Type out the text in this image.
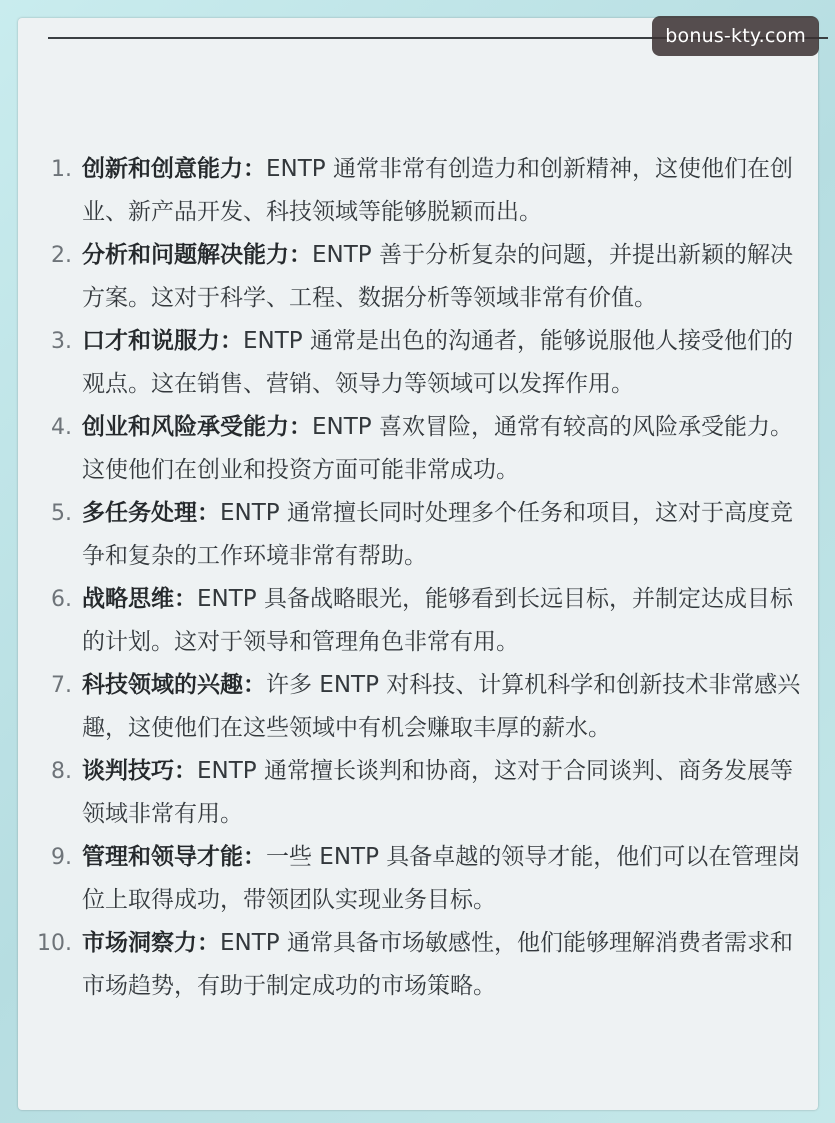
bonus-kty.com
1. 创新和创意能力：ENTP 通常非常有创造力和创新精神，这使他们在创业、新产品开发、科技领域等能够脱颖而出。
2. 分析和问题解决能力：ENTP 善于分析复杂的问题，并提出新颖的解决方案。这对于科学、工程、数据分析等领域非常有价值。
3. 口才和说服力：ENTP 通常是出色的沟通者，能够说服他人接受他们的观点。这在销售、营销、领导力等领域可以发挥作用。
4. 创业和风险承受能力：ENTP 喜欢冒险，通常有较高的风险承受能力。这使他们在创业和投资方面可能非常成功。
5. 多任务处理：ENTP 通常擅长同时处理多个任务和项目，这对于高度竞争和复杂的工作环境非常有帮助。
6. 战略思维：ENTP 具备战略眼光，能够看到长远目标，并制定达成目标的计划。这对于领导和管理角色非常有用。
7. 科技领域的兴趣：许多 ENTP 对科技、计算机科学和创新技术非常感兴趣，这使他们在这些领域中有机会赚取丰厚的薪水。
8. 谈判技巧：ENTP 通常擅长谈判和协商，这对于合同谈判、商务发展等领域非常有用。
9. 管理和领导才能：一些 ENTP 具备卓越的领导才能，他们可以在管理岗位上取得成功，带领团队实现业务目标。
10. 市场洞察力：ENTP 通常具备市场敏感性，他们能够理解消费者需求和市场趋势，有助于制定成功的市场策略。
